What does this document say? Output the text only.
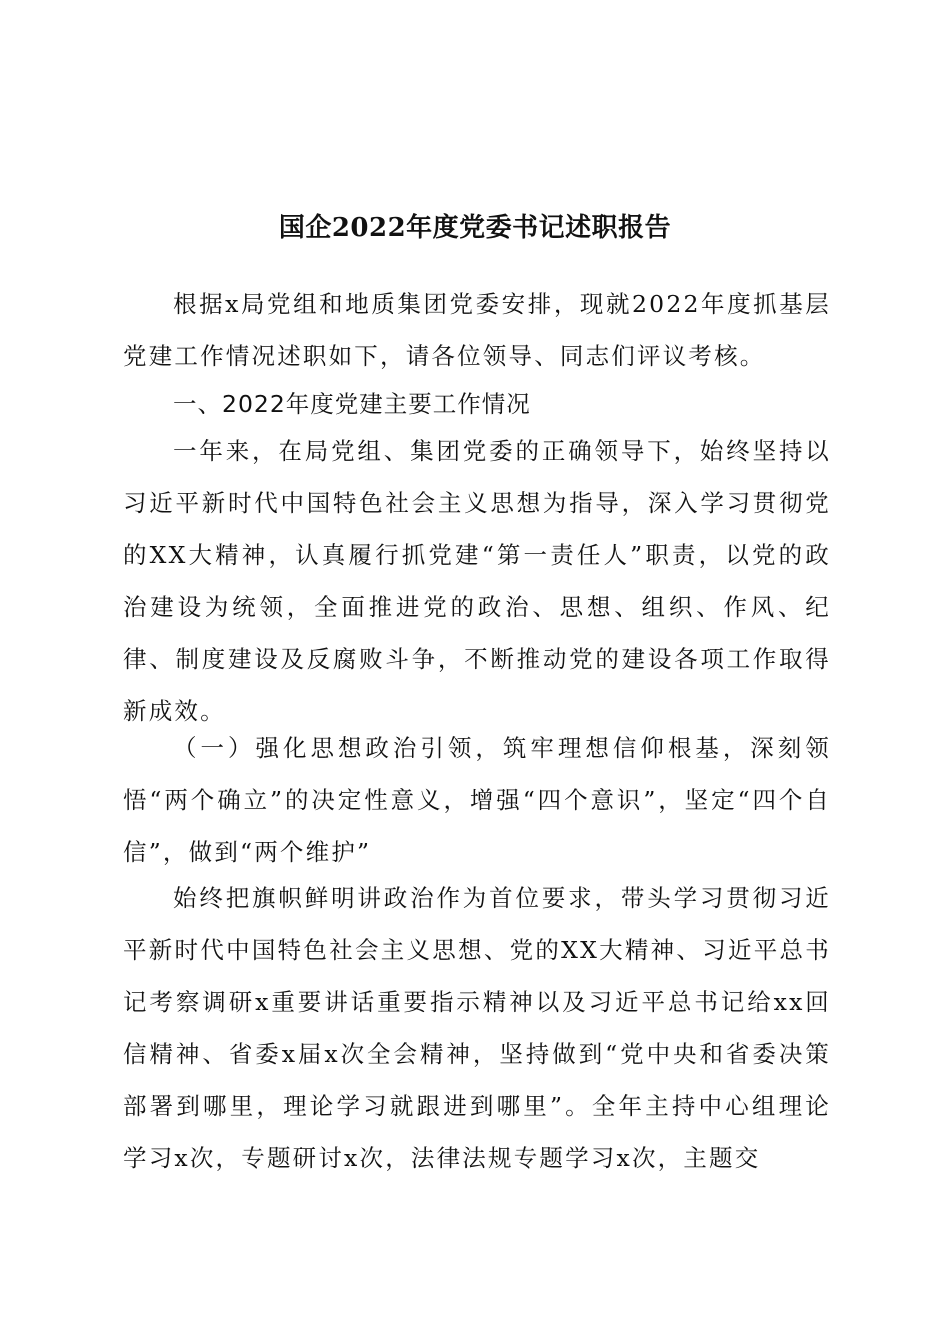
国企2022年度党委书记述职报告

根据x局党组和地质集团党委安排，现就2022年度抓基层党建工作情况述职如下，请各位领导、同志们评议考核。

一、2022年度党建主要工作情况

一年来，在局党组、集团党委的正确领导下，始终坚持以习近平新时代中国特色社会主义思想为指导，深入学习贯彻党的XX大精神，认真履行抓党建“第一责任人”职责，以党的政治建设为统领，全面推进党的政治、思想、组织、作风、纪律、制度建设及反腐败斗争，不断推动党的建设各项工作取得新成效。

（一）强化思想政治引领，筑牢理想信仰根基，深刻领悟“两个确立”的决定性意义，增强“四个意识”，坚定“四个自信”，做到“两个维护”

始终把旗帜鲜明讲政治作为首位要求，带头学习贯彻习近平新时代中国特色社会主义思想、党的XX大精神、习近平总书记考察调研x重要讲话重要指示精神以及习近平总书记给xx回信精神、省委x届x次全会精神，坚持做到“党中央和省委决策部署到哪里，理论学习就跟进到哪里”。全年主持中心组理论学习x次，专题研讨x次，法律法规专题学习x次，主题交
